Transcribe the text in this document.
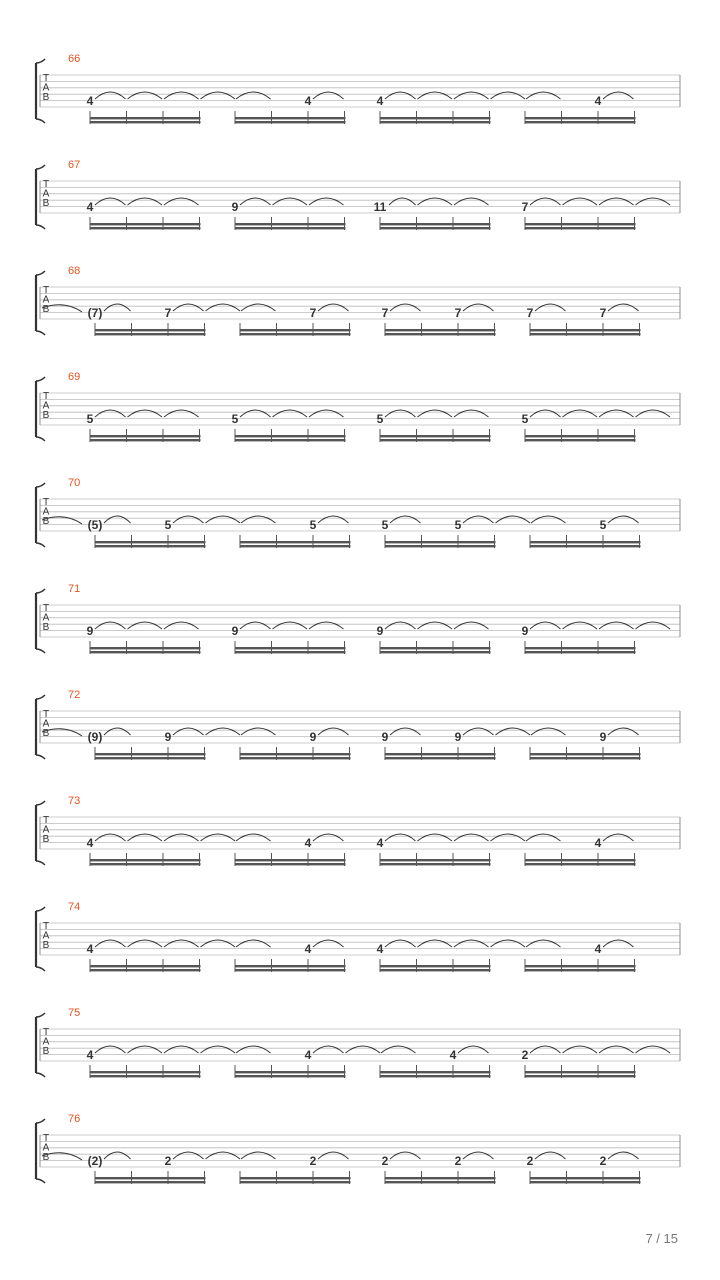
T
A
B
66
4	4	4	4
T
A
B
67
4	9	11	7
T
A
B
68
(7)	7	7	7	7	7	7
T
A
B
69
5	5	5	5
T
A
B
70
(5)	5	5	5	5	5
T
A
B
71
9	9	9	9
T
A
B
72
(9)	9	9	9	9	9
T
A
B
73
4	4	4	4
T
A
B
74
4	4	4	4
T
A
B
75
4	4	4	2
T
A
B
76
(2)	2	2	2	2	2	2
7 / 15
